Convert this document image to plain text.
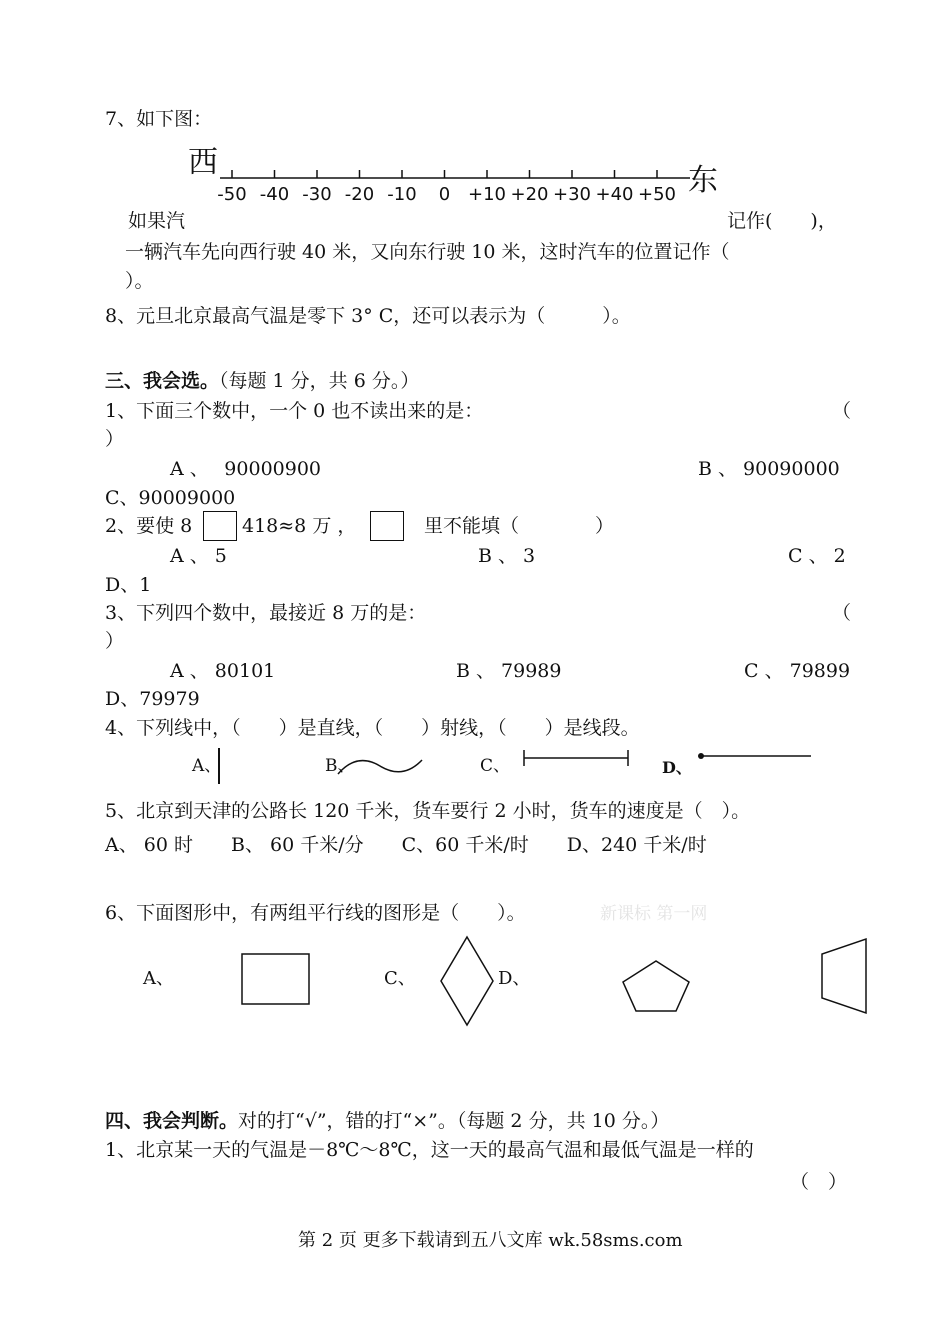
7、如下图：
西
东
-50 -40 -30 -20 -10 0 +10 +20 +30 +40 +50
如果汽	记作(　　)，
一辆汽车先向西行驶 40 米，又向东行驶 10 米，这时汽车的位置记作（
）。
8、元旦北京最高气温是零下 3° C，还可以表示为（　　　）。
三、我会选。（每题 1 分，共 6 分。）
1、下面三个数中，一个 0 也不读出来的是：	（
）
A 、　 90000900	B 、 90090000
C、90009000
2、要使 8	418≈8 万 ，	里不能填（　　　　）
A 、 5	B 、 3	C 、 2
D、1
3、下列四个数中，最接近 8 万的是：	（
）
A 、 80101	B 、 79989	C 、 79899
D、79979
4、下列线中，（　　）是直线，（　　）射线，（　　）是线段。
A、	B、	C、	D、
5、北京到天津的公路长 120 千米，货车要行 2 小时，货车的速度是（　）。
A、 60 时　　B、 60 千米/分　　C、60 千米/时　　D、240 千米/时
6、下面图形中，有两组平行线的图形是（　　）。	新课标 第一网
A、	C、	D、
四、我会判断。对的打“√”，错的打“×”。（每题 2 分，共 10 分。）
1、北京某一天的气温是－8℃～8℃，这一天的最高气温和最低气温是一样的
（　）
第 2 页 更多下载请到五八文库 wk.58sms.com
